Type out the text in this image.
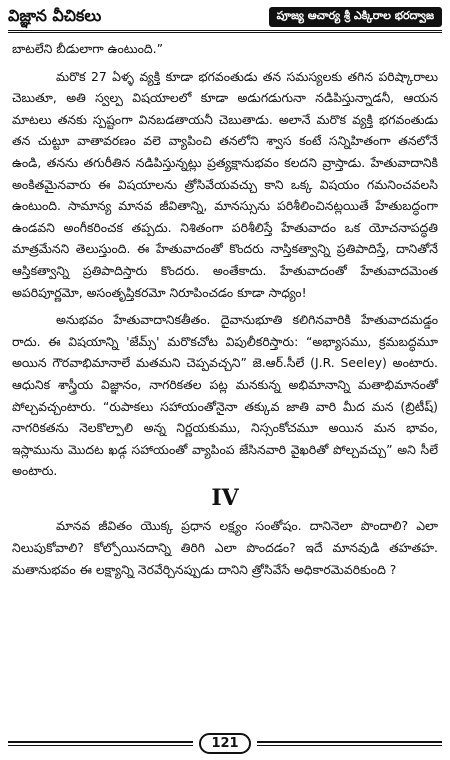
విజ్ఞాన వీచికలు	పూజ్య ఆచార్య శ్రీ ఎక్కిరాల భరద్వాజ

బాటలేని బీడులాగా ఉంటుంది.”

మరొక 27 ఏళ్ళ వ్యక్తి కూడా భగవంతుడు తన సమస్యలకు తగిన పరిష్కారాలు చెబుతూ, అతి స్వల్ప విషయాలలో కూడా అడుగడుగునా నడిపిస్తున్నాడనీ, ఆయన మాటలు తనకు స్పష్టంగా వినబడతాయనీ చెబుతాడు. అలానే మరొక వ్యక్తి భగవంతుడు తన చుట్టూ వాతావరణం వలె వ్యాపించి తనలోని శ్వాస కంటే సన్నిహితంగా తనలోనే ఉండి, తనను తగురీతిన నడిపిస్తున్నట్లు ప్రత్యక్షానుభవం కలదని వ్రాస్తాడు. హేతువాదానికి అంకితమైనవారు ఈ విషయాలను త్రోసివేయవచ్చు కాని ఒక్క విషయం గమనించవలసి ఉంటుంది. సామాన్య మానవ జీవితాన్ని, మానస్సును పరిశీలించినట్లయితే హేతుబద్ధంగా ఉండవని అంగీకరించక తప్పదు. నిశితంగా పరిశీలిస్తే హేతువాదం ఒక యోచనాపద్ధతి మాత్రమేనని తెలుస్తుంది. ఈ హేతువాదంతో కొందరు నాస్తికత్వాన్ని ప్రతిపాదిస్తే, దానితోనే ఆస్తికత్వాన్ని ప్రతిపాదిస్తారు కొందరు. అంతేకాదు. హేతువాదంతో హేతువాదమెంత అపరిపూర్ణమో, అసంతృప్తికరమో నిరూపించడం కూడా సాధ్యం!

అనుభవం హేతువాదానికతీతం. దైవానుభూతి కలిగినవారికి హేతువాదమడ్డం రాదు. ఈ విషయాన్ని 'జేమ్స్' మరొకచోట విపులీకరిస్తారు: “అభ్యాసము, క్రమబద్ధమూ అయిన గౌరవాభిమానాలే మతమని చెప్పవచ్చని” జె.ఆర్.సీలే (J.R. Seeley) అంటారు. ఆధునిక శాస్త్రీయ విజ్ఞానం, నాగరికతల పట్ల మనకున్న అభిమానాన్ని మతాభిమానంతో పోల్చవచ్చంటారు. “రుపాకలు సహాయంతోనైనా తక్కువ జాతి వారి మీద మన (బ్రిటీష్) నాగరికతను నెలకొల్పాలి అన్న నిర్ణయకుము, నిస్సంకోచమూ అయిన మన భావం, ఇస్లామును మొదట ఖడ్గ సహాయంతో వ్యాపింప జేసినవారి వైఖరితో పోల్చవచ్చు” అని సీలే అంటారు.

IV

మానవ జీవితం యొక్క ప్రధాన లక్ష్యం సంతోషం. దానినెలా పొందాలి? ఎలా నిలుపుకోవాలి? కోల్పోయినదాన్ని తిరిగి ఎలా పొందడం? ఇదే మానవుడి తహతహ. మతానుభవం ఈ లక్ష్యాన్ని నెరవేర్చినప్పుడు దానిని త్రోసివేసే అధికారమెవరికుంది ?

121
